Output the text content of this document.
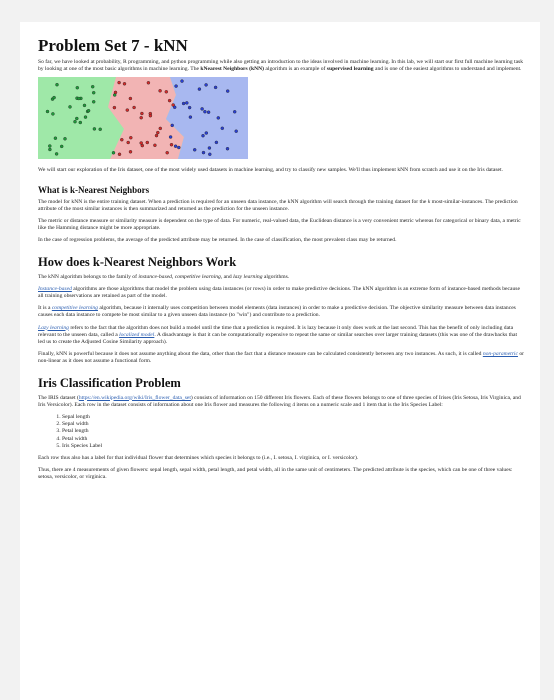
Problem Set 7 - kNN

So far, we have looked at probability, R programming, and python programming while also getting an introduction to the ideas involved in machine learning. In this lab, we will start our first full machine learning task by looking at one of the most basic algorithms in machine learning. The kNearest Neighbors (kNN) algorithm is an example of supervised learning and is one of the easiest algorithms to understand and implement.

We will start our exploration of the Iris dataset, one of the most widely used datasets in machine learning, and try to classify new samples. We'll thus implement kNN from scratch and use it on the Iris dataset.

What is k-Nearest Neighbors

The model for kNN is the entire training dataset. When a prediction is required for an unseen data instance, the kNN algorithm will search through the training dataset for the k most-similar-instances. The prediction attribute of the most similar instances is then summarized and returned as the prediction for the unseen instance.

The metric or distance measure or similarity measure is dependent on the type of data. For numeric, real-valued data, the Euclidean distance is a very convenient metric whereas for categorical or binary data, a metric like the Hamming distance might be more appropriate.

In the case of regression problems, the average of the predicted attribute may be returned. In the case of classification, the most prevalent class may be returned.

How does k-Nearest Neighbors Work

The kNN algorithm belongs to the family of instance-based, competitive learning, and lazy learning algorithms.

Instance-based algorithms are those algorithms that model the problem using data instances (or rows) in order to make predictive decisions. The kNN algorithm is an extreme form of instance-based methods because all training observations are retained as part of the model.

It is a competitive learning algorithm, because it internally uses competition between model elements (data instances) in order to make a predictive decision. The objective similarity measure between data instances causes each data instance to compete be most similar to a given unseen data instance (to "win") and contribute to a prediction.

Lazy learning refers to the fact that the algorithm does not build a model until the time that a prediction is required. It is lazy because it only does work at the last second. This has the benefit of only including data relevant to the unseen data, called a localized model. A disadvantage is that it can be computationally expensive to repeat the same or similar searches over larger training datasets (this was one of the drawbacks that led us to create the Adjusted Cosine Similarity approach).

Finally, kNN is powerful because it does not assume anything about the data, other than the fact that a distance measure can be calculated consistently between any two instances. As such, it is called non-parametric or non-linear as it does not assume a functional form.

Iris Classification Problem

The IRIS dataset (https://en.wikipedia.org/wiki/Iris_flower_data_set) consists of information on 150 different Iris flowers. Each of these flowers belongs to one of three species of Irises (Iris Setosa, Iris Virginica, and Iris Versicolor). Each row in the dataset consists of information about one Iris flower and measures the following 4 items on a numeric scale and 1 item that is the Iris Species Label:

1. Sepal length
2. Sepal width
3. Petal length
4. Petal width
5. Iris Species Label

Each row thus also has a label for that individual flower that determines which species it belongs to (i.e., I. setosa, I. virginica, or I. versicolor).

Thus, there are 4 measurements of given flowers: sepal length, sepal width, petal length, and petal width, all in the same unit of centimeters. The predicted attribute is the species, which can be one of three values: setosa, versicolor, or virginica.
